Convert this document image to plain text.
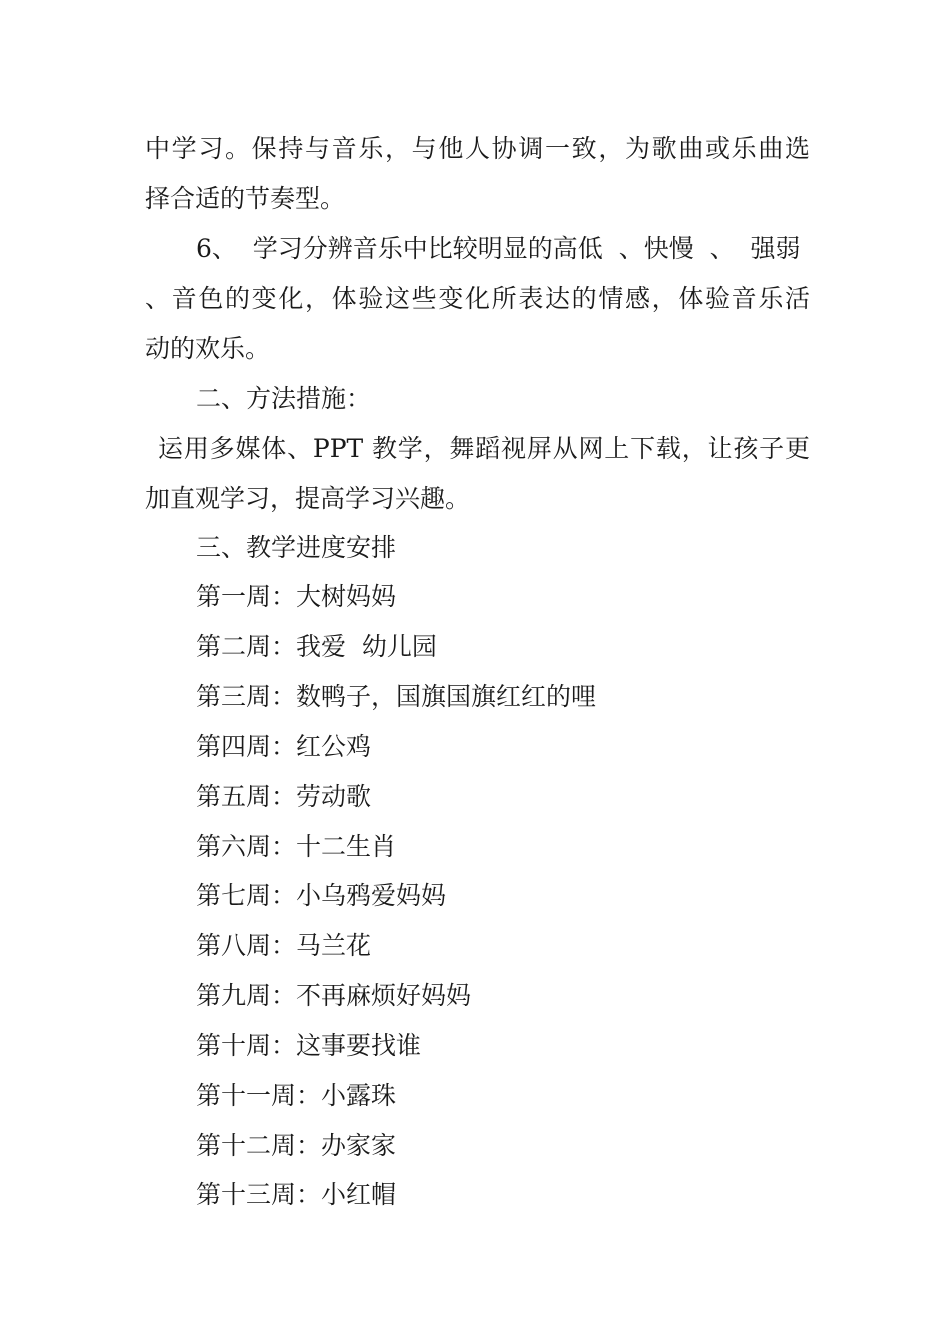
中学习。保持与音乐，与他人协调一致，为歌曲或乐曲选
择合适的节奏型。
6、  学习分辨音乐中比较明显的高低  、快慢  、  强弱
、音色的变化，体验这些变化所表达的情感，体验音乐活
动的欢乐。
二、方法措施：
运用多媒体、PPT 教学，舞蹈视屏从网上下载，让孩子更
加直观学习，提高学习兴趣。
三、教学进度安排
第一周：大树妈妈
第二周：我爱  幼儿园
第三周：数鸭子，国旗国旗红红的哩
第四周：红公鸡
第五周：劳动歌
第六周：十二生肖
第七周：小乌鸦爱妈妈
第八周：马兰花
第九周：不再麻烦好妈妈
第十周：这事要找谁
第十一周：小露珠
第十二周：办家家
第十三周：小红帽
